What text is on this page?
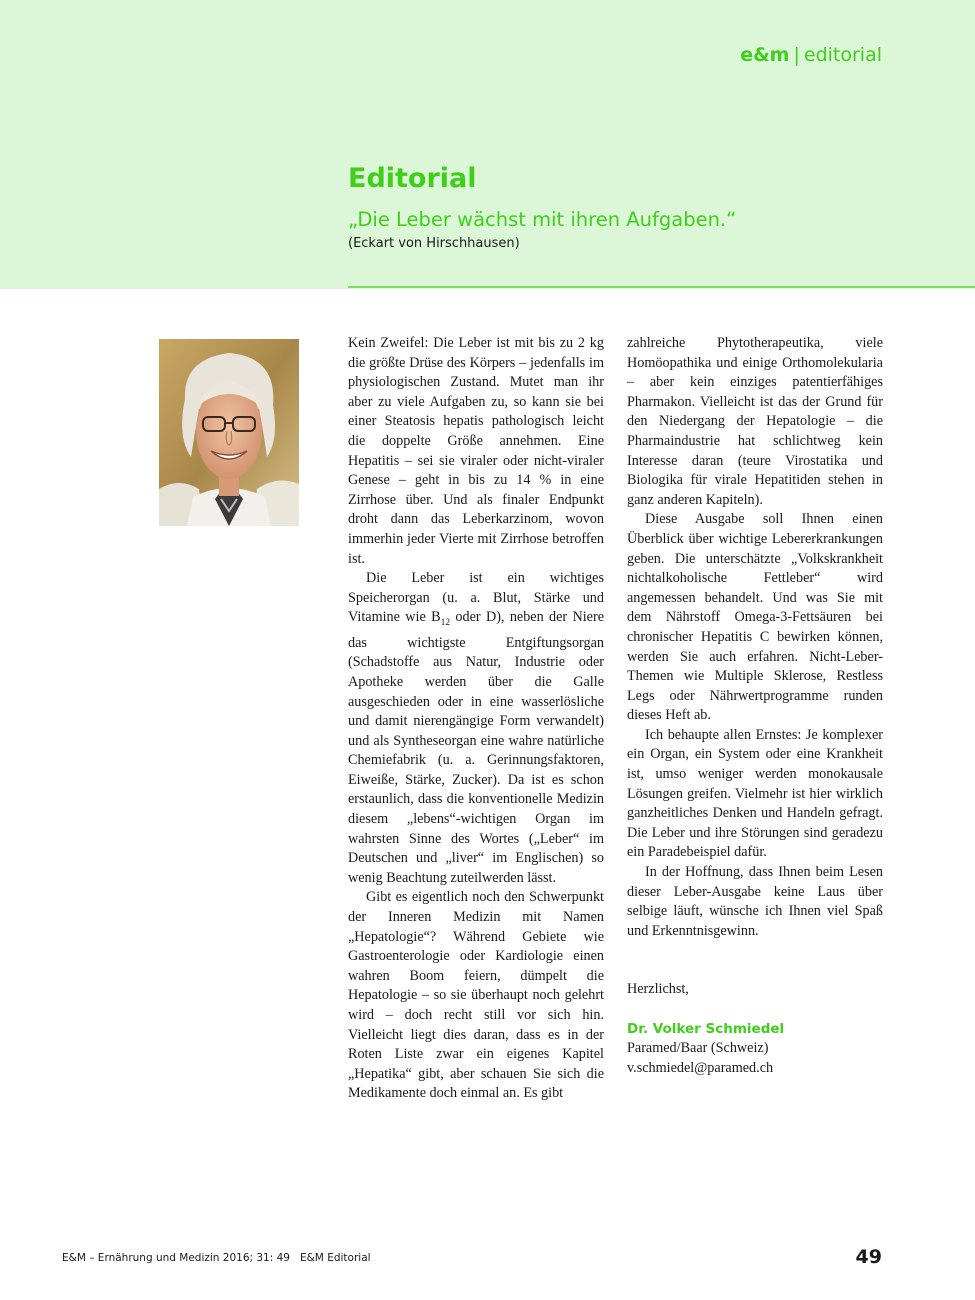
e&m | editorial
Editorial
„Die Leber wächst mit ihren Aufgaben.“
(Eckart von Hirschhausen)

Kein Zweifel: Die Leber ist mit bis zu 2 kg die größte Drüse des Körpers – jedenfalls im physiologischen Zustand. Mutet man ihr aber zu viele Aufgaben zu, so kann sie bei einer Steatosis hepatis pathologisch leicht die doppelte Größe annehmen. Eine Hepatitis – sei sie viraler oder nicht-viraler Genese – geht in bis zu 14 % in eine Zirrhose über. Und als finaler Endpunkt droht dann das Leberkarzinom, wovon immerhin jeder Vierte mit Zirrhose betroffen ist.

Die Leber ist ein wichtiges Speicherorgan (u. a. Blut, Stärke und Vitamine wie $B_{12}$ oder D), neben der Niere das wichtigste Entgiftungsorgan (Schadstoffe aus Natur, Industrie oder Apotheke werden über die Galle ausgeschieden oder in eine wasserlösliche und damit nierengängige Form verwandelt) und als Syntheseorgan eine wahre natürliche Chemiefabrik (u. a. Gerinnungsfaktoren, Eiweiße, Stärke, Zucker). Da ist es schon erstaunlich, dass die konventionelle Medizin diesem „lebens“-wichtigen Organ im wahrsten Sinne des Wortes („Leber“ im Deutschen und „liver“ im Englischen) so wenig Beachtung zuteilwerden lässt.

Gibt es eigentlich noch den Schwerpunkt der Inneren Medizin mit Namen „Hepatologie“? Während Gebiete wie Gastroenterologie oder Kardiologie einen wahren Boom feiern, dümpelt die Hepatologie – so sie überhaupt noch gelehrt wird – doch recht still vor sich hin. Vielleicht liegt dies daran, dass es in der Roten Liste zwar ein eigenes Kapitel „Hepatika“ gibt, aber schauen Sie sich die Medikamente doch einmal an. Es gibt

zahlreiche Phytotherapeutika, viele Homöopathika und einige Orthomolekularia – aber kein einziges patentierfähiges Pharmakon. Vielleicht ist das der Grund für den Niedergang der Hepatologie – die Pharmaindustrie hat schlichtweg kein Interesse daran (teure Virostatika und Biologika für virale Hepatitiden stehen in ganz anderen Kapiteln).

Diese Ausgabe soll Ihnen einen Überblick über wichtige Lebererkrankungen geben. Die unterschätzte „Volkskrankheit nichtalkoholische Fettleber“ wird angemessen behandelt. Und was Sie mit dem Nährstoff Omega-3-Fettsäuren bei chronischer Hepatitis C bewirken können, werden Sie auch erfahren. Nicht-Leber-Themen wie Multiple Sklerose, Restless Legs oder Nährwertprogramme runden dieses Heft ab.

Ich behaupte allen Ernstes: Je komplexer ein Organ, ein System oder eine Krankheit ist, umso weniger werden monokausale Lösungen greifen. Vielmehr ist hier wirklich ganzheitliches Denken und Handeln gefragt. Die Leber und ihre Störungen sind geradezu ein Paradebeispiel dafür.

In der Hoffnung, dass Ihnen beim Lesen dieser Leber-Ausgabe keine Laus über selbige läuft, wünsche ich Ihnen viel Spaß und Erkenntnisgewinn.

Herzlichst,

Dr. Volker Schmiedel

Paramed/Baar (Schweiz)

v.schmiedel@paramed.ch

E&M – Ernährung und Medizin 2016; 31: 49 E&M Editorial	49
